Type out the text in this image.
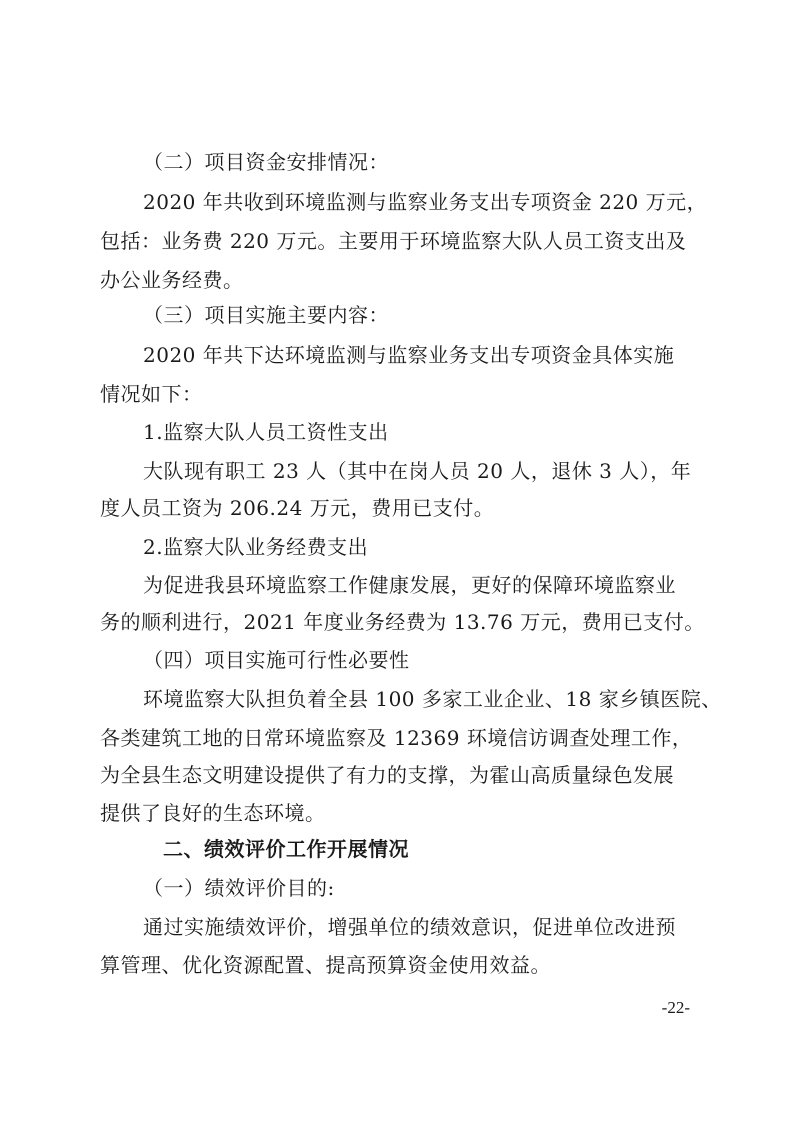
（二）项目资金安排情况：
2020 年共收到环境监测与监察业务支出专项资金 220 万元，
包括：业务费 220 万元。主要用于环境监察大队人员工资支出及
办公业务经费。
（三）项目实施主要内容：
2020 年共下达环境监测与监察业务支出专项资金具体实施
情况如下：
1.监察大队人员工资性支出
大队现有职工 23 人（其中在岗人员 20 人，退休 3 人），年
度人员工资为 206.24 万元，费用已支付。
2.监察大队业务经费支出
为促进我县环境监察工作健康发展，更好的保障环境监察业
务的顺利进行，2021 年度业务经费为 13.76 万元，费用已支付。
（四）项目实施可行性必要性
环境监察大队担负着全县 100 多家工业企业、18 家乡镇医院、
各类建筑工地的日常环境监察及 12369 环境信访调查处理工作，
为全县生态文明建设提供了有力的支撑，为霍山高质量绿色发展
提供了良好的生态环境。
二、绩效评价工作开展情况
（一）绩效评价目的:
通过实施绩效评价，增强单位的绩效意识，促进单位改进预
算管理、优化资源配置、提高预算资金使用效益。
-22-
